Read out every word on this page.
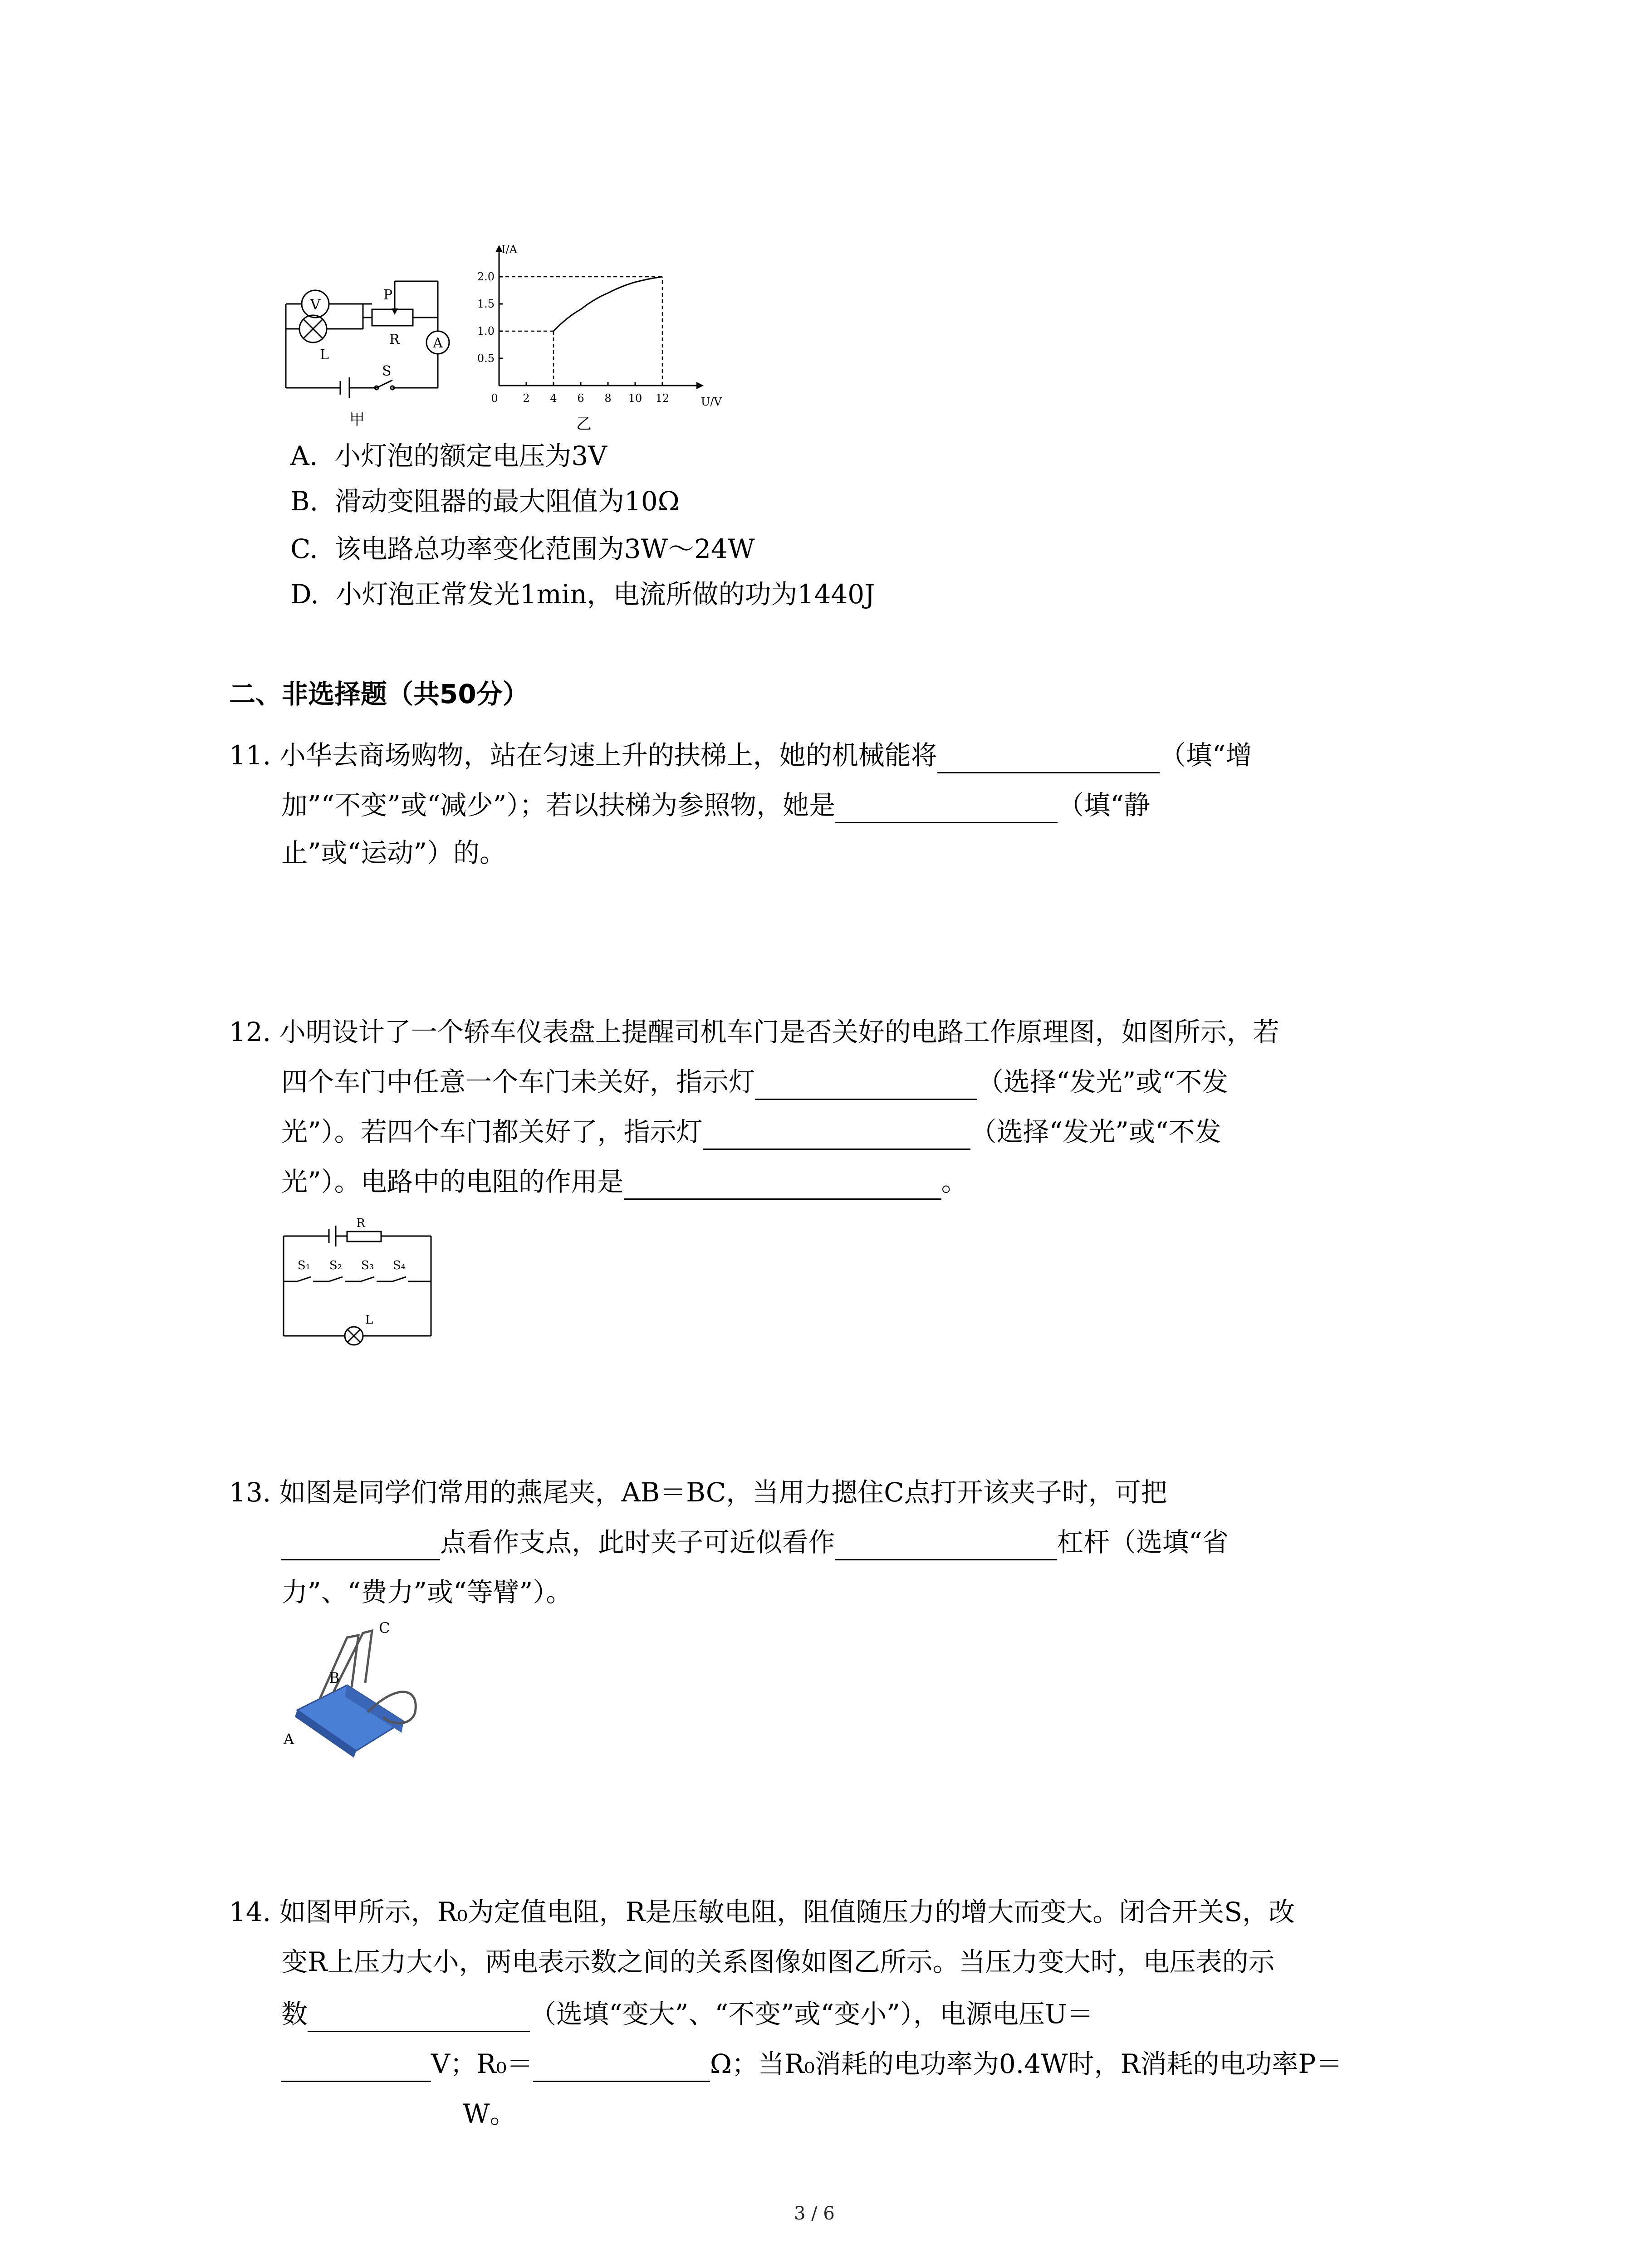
V
A
P
R
L
S
甲
0 2 4 6 8 10 12
0.5
1.0
1.5
2.0
I/A
U/V
乙
A. 小灯泡的额定电压为3V
B. 滑动变阻器的最大阻值为10Ω
C. 该电路总功率变化范围为3W～24W
D. 小灯泡正常发光1min，电流所做的功为1440J
二、非选择题（共50分）
11. 小华去商场购物，站在匀速上升的扶梯上，她的机械能将	（填“增
加”“不变”或“减少”）；若以扶梯为参照物，她是	（填“静
止”或“运动”）的。
12. 小明设计了一个轿车仪表盘上提醒司机车门是否关好的电路工作原理图，如图所示，若
四个车门中任意一个车门未关好，指示灯	（选择“发光”或“不发
光”）。若四个车门都关好了，指示灯	（选择“发光”或“不发
光”）。电路中的电阻的作用是	。
R
S₁ S₂ S₃ S₄
L
13. 如图是同学们常用的燕尾夹，AB＝BC，当用力摁住C点打开该夹子时，可把
点看作支点，此时夹子可近似看作	杠杆（选填“省
力”、“费力”或“等臂”）。
A
B
C
14. 如图甲所示，R₀为定值电阻，R是压敏电阻，阻值随压力的增大而变大。闭合开关S，改
变R上压力大小，两电表示数之间的关系图像如图乙所示。当压力变大时，电压表的示
数	（选填“变大”、“不变”或“变小”），电源电压U＝
V；R₀＝	Ω；当R₀消耗的电功率为0.4W时，R消耗的电功率P＝
W。
3 / 6
